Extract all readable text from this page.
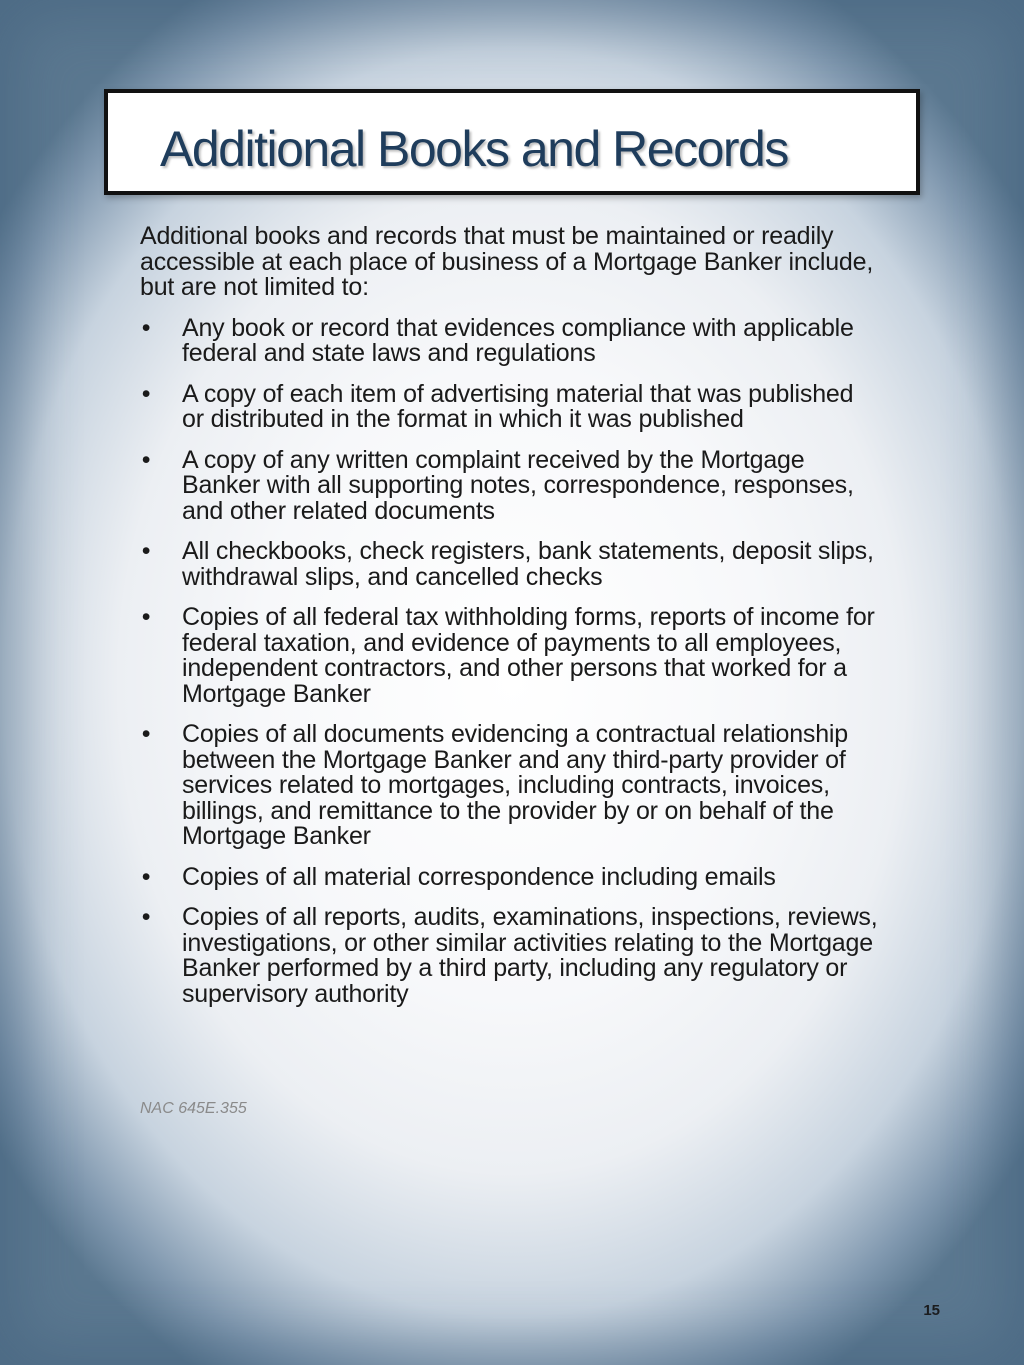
Additional Books and Records

Additional books and records that must be maintained or readily accessible at each place of business of a Mortgage Banker include, but are not limited to:

• Any book or record that evidences compliance with applicable federal and state laws and regulations
• A copy of each item of advertising material that was published or distributed in the format in which it was published
• A copy of any written complaint received by the Mortgage Banker with all supporting notes, correspondence, responses, and other related documents
• All checkbooks, check registers, bank statements, deposit slips, withdrawal slips, and cancelled checks
• Copies of all federal tax withholding forms, reports of income for federal taxation, and evidence of payments to all employees, independent contractors, and other persons that worked for a Mortgage Banker
• Copies of all documents evidencing a contractual relationship between the Mortgage Banker and any third-party provider of services related to mortgages, including contracts, invoices, billings, and remittance to the provider by or on behalf of the Mortgage Banker
• Copies of all material correspondence including emails
• Copies of all reports, audits, examinations, inspections, reviews, investigations, or other similar activities relating to the Mortgage Banker performed by a third party, including any regulatory or supervisory authority
NAC 645E.355
15
